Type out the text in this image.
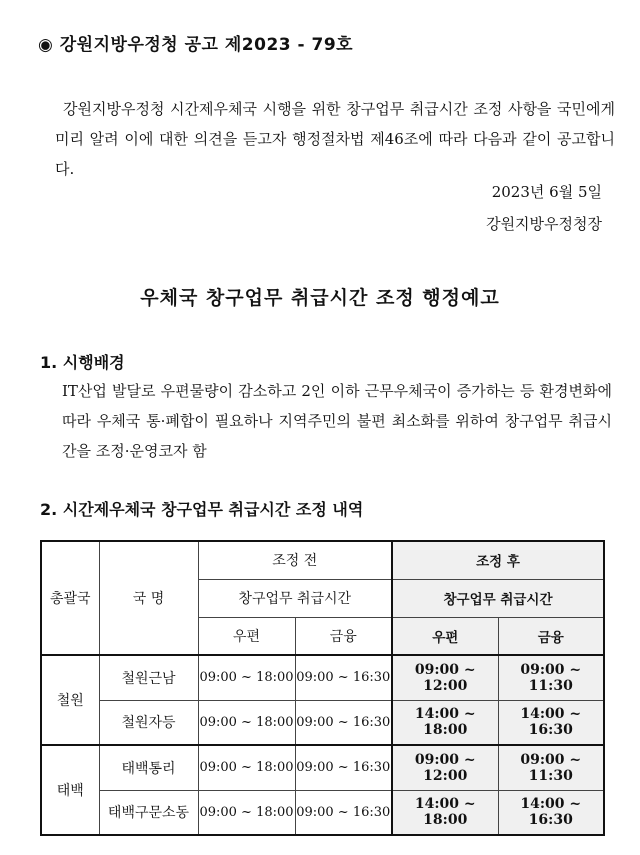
◉ 강원지방우정청 공고 제2023 - 79호
강원지방우정청 시간제우체국 시행을 위한 창구업무 취급시간 조정 사항을 국민에게 미리 알려 이에 대한 의견을 듣고자 행정절차법 제46조에 따라 다음과 같이 공고합니다.
2023년 6월 5일
강원지방우정청장
우체국 창구업무 취급시간 조정 행정예고
1. 시행배경
IT산업 발달로 우편물량이 감소하고 2인 이하 근무우체국이 증가하는 등 환경변화에 따라 우체국 통·폐합이 필요하나 지역주민의 불편 최소화를 위하여 창구업무 취급시간을 조정·운영코자 함
2. 시간제우체국 창구업무 취급시간 조정 내역
총괄국	국 명	조정 전		조정 후	
		창구업무 취급시간		창구업무 취급시간	
		우편	금융	우편	금융
철원	철원근남	09:00 ~ 18:00	09:00 ~ 16:30	09:00 ~ 12:00	09:00 ~ 11:30
	철원자등	09:00 ~ 18:00	09:00 ~ 16:30	14:00 ~ 18:00	14:00 ~ 16:30
태백	태백통리	09:00 ~ 18:00	09:00 ~ 16:30	09:00 ~ 12:00	09:00 ~ 11:30
	태백구문소동	09:00 ~ 18:00	09:00 ~ 16:30	14:00 ~ 18:00	14:00 ~ 16:30
